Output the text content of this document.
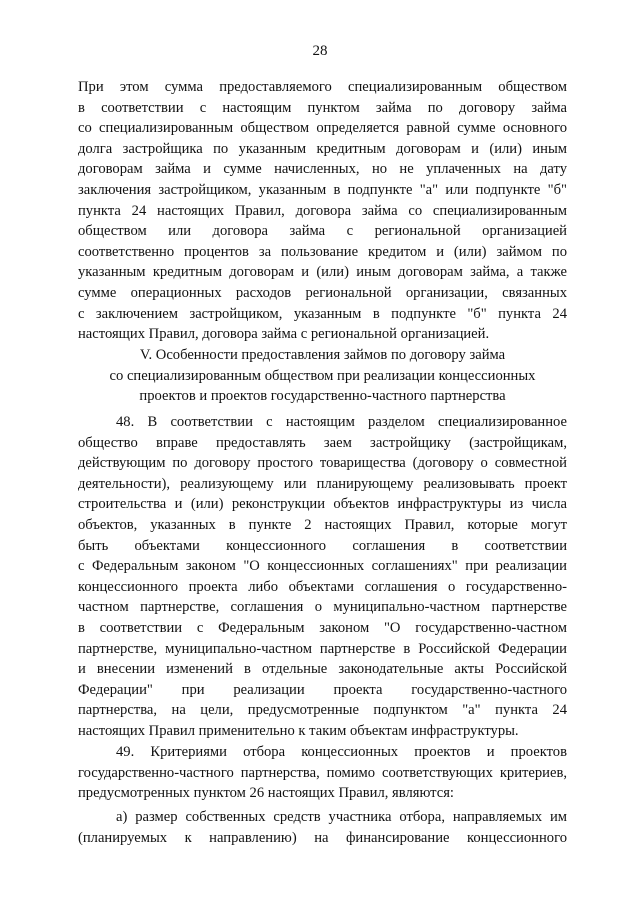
28
При этом сумма предоставляемого специализированным обществом
в соответствии с настоящим пунктом займа по договору займа
со специализированным обществом определяется равной сумме основного
долга застройщика по указанным кредитным договорам и (или) иным
договорам займа и сумме начисленных, но не уплаченных на дату
заключения застройщиком, указанным в подпункте "а" или подпункте "б"
пункта 24 настоящих Правил, договора займа со специализированным
обществом или договора займа с региональной организацией
соответственно процентов за пользование кредитом и (или) займом по
указанным кредитным договорам и (или) иным договорам займа, а также
сумме операционных расходов региональной организации, связанных
с заключением застройщиком, указанным в подпункте "б" пункта 24
настоящих Правил, договора займа с региональной организацией.
V. Особенности предоставления займов по договору займа
со специализированным обществом при реализации концессионных
проектов и проектов государственно-частного партнерства
48. В соответствии с настоящим разделом специализированное
общество вправе предоставлять заем застройщику (застройщикам,
действующим по договору простого товарищества (договору о совместной
деятельности), реализующему или планирующему реализовывать проект
строительства и (или) реконструкции объектов инфраструктуры из числа
объектов, указанных в пункте 2 настоящих Правил, которые могут
быть объектами концессионного соглашения в соответствии
с Федеральным законом "О концессионных соглашениях" при реализации
концессионного проекта либо объектами соглашения о государственно-
частном партнерстве, соглашения о муниципально-частном партнерстве
в соответствии с Федеральным законом "О государственно-частном
партнерстве, муниципально-частном партнерстве в Российской Федерации
и внесении изменений в отдельные законодательные акты Российской
Федерации" при реализации проекта государственно-частного
партнерства, на цели, предусмотренные подпунктом "а" пункта 24
настоящих Правил применительно к таким объектам инфраструктуры.
49. Критериями отбора концессионных проектов и проектов
государственно-частного партнерства, помимо соответствующих критериев,
предусмотренных пунктом 26 настоящих Правил, являются:
а) размер собственных средств участника отбора, направляемых им
(планируемых к направлению) на финансирование концессионного
